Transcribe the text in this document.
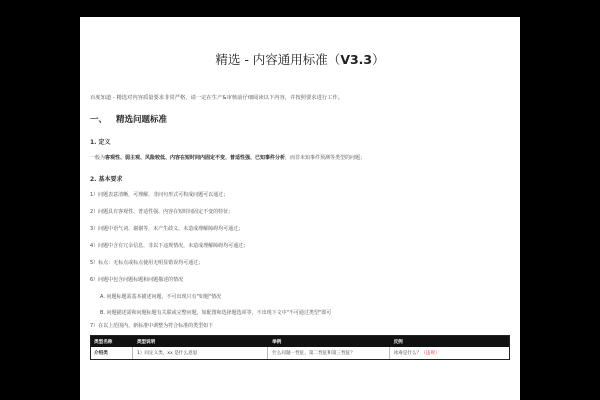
精选 - 内容通用标准（V3.3）
百度知道 - 精选对内容质量要求非常严格，请一定在生产&审核前仔细阅读以下内容，并按照要求进行工作。
一、 精选问题标准
1. 定义
一般为客观性、弱主观、风险较低、内容在短时间内固定不变、普适性强、已知事件分析，而非未知事件预测等类型的问题；
2. 基本要求
1）问题表意清晰，可理解，非问句形式可构成问题可以通过；
2）问题具有客观性、普适性强、内容在短时间固定不变的特征；
3）问题中语气词、谢谢等，未产生歧义、未造成理解障碍均可通过；
4）问题中含有冗余信息，非以下违规情况，未造成理解障碍均可通过；
5）标点：无标点或标点使用无明显错误均可通过；
6）问题中包含问题标题和问题描述的情况
A. 问题标题需基本描述问题，不可出现只有"如题"情况
B. 问题描述需和问题标题有关联或完整问题，如配图和选择题选项等，不出现下文中"不可通过类型"即可
7）在以上范围内，新标准中调整为符合标准的类型如下
类型名称	类型说明	举例	反例
介绍类	1）问定义类，xx 是什么意思	什么问题一性征，第二性征和第三性征？	冰毒是什么？ （违规）
